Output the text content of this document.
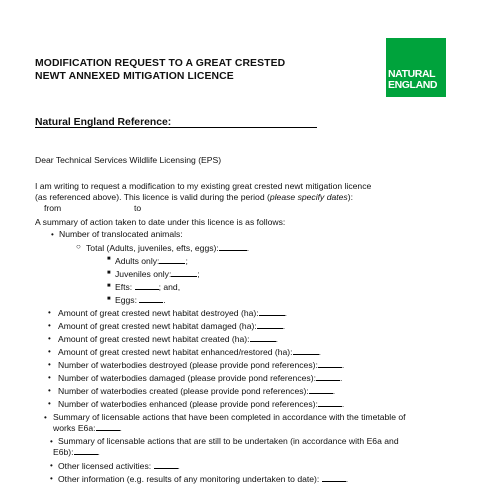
MODIFICATION REQUEST TO A GREAT CRESTED
NEWT ANNEXED MITIGATION LICENCE	NATURAL
ENGLAND
Natural England Reference:
Dear Technical Services Wildlife Licensing (EPS)
I am writing to request a modification to my existing great crested newt mitigation licence
(as referenced above). This licence is valid during the period (please specify dates):
from	to
A summary of action taken to date under this licence is as follows:
• Number of translocated animals:
○ Total (Adults, juveniles, efts, eggs):	.
■ Adults only:	;
■ Juveniles only:	;
■ Efts:	; and,
■ Eggs:	.
• Amount of great crested newt habitat destroyed (ha):	.
• Amount of great crested newt habitat damaged (ha):	.
• Amount of great crested newt habitat created (ha):	.
• Amount of great crested newt habitat enhanced/restored (ha):	.
• Number of waterbodies destroyed (please provide pond references):	.
• Number of waterbodies damaged (please provide pond references):	.
• Number of waterbodies created (please provide pond references):	.
• Number of waterbodies enhanced (please provide pond references):	.
• Summary of licensable actions that have been completed in accordance with the timetable of
works E6a:	.
• Summary of licensable actions that are still to be undertaken (in accordance with E6a and
E6b):	.
• Other licensed activities:	.
• Other information (e.g. results of any monitoring undertaken to date):	.
